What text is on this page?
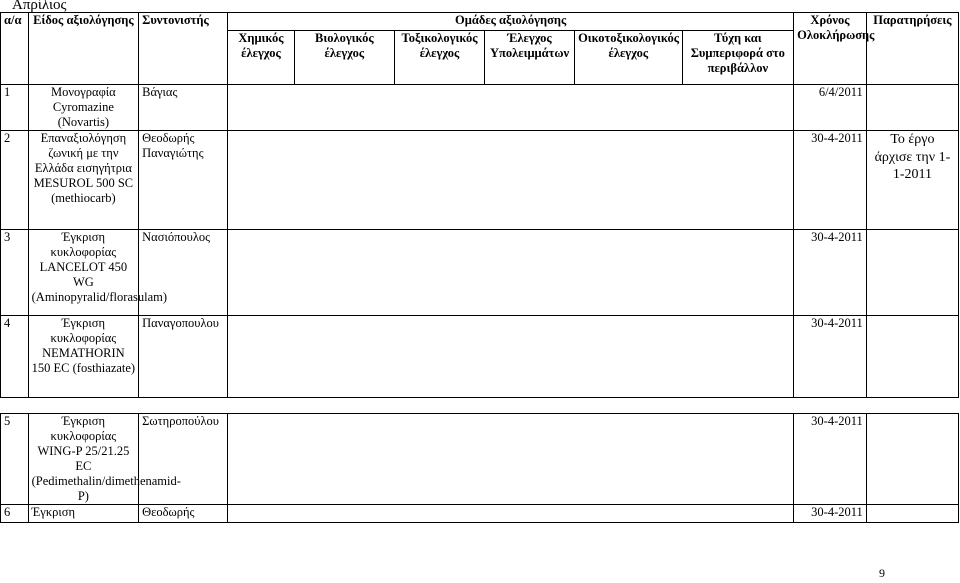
Απρίλιος
α/α	Είδος αξιολόγησης	Συντονιστής	Ομάδες αξιολόγησης						Χρόνος Ολοκλήρωσης	Παρατηρήσεις
			Χημικός έλεγχος	Βιολογικός έλεγχος	Τοξικολογικός έλεγχος	Έλεγχος Υπολειμμάτων	Οικοτοξικολογικός έλεγχος	Τύχη και Συμπεριφορά στο περιβάλλον		
1	Μονογραφία Cyromazine (Novartis)	Βάγιας							6/4/2011	
2	Επαναξιολόγηση ζωνική με την Ελλάδα εισηγήτρια MESUROL 500 SC (methiocarb)	Θεοδωρής Παναγιώτης							30-4-2011	Το έργο άρχισε την 1-1-2011
3	Έγκριση κυκλοφορίας LANCELOT 450 WG (Aminopyralid/florasulam)	Νασιόπουλος							30-4-2011	
4	Έγκριση κυκλοφορίας NEMATHORIN 150 EC (fosthiazate)	Παναγοπουλου							30-4-2011	

5	Έγκριση κυκλοφορίας WING-P 25/21.25 EC (Pedimethalin/dimethenamid-P)	Σωτηροπούλου							30-4-2011	
6	Έγκριση	Θεοδωρής							30-4-2011	
9
